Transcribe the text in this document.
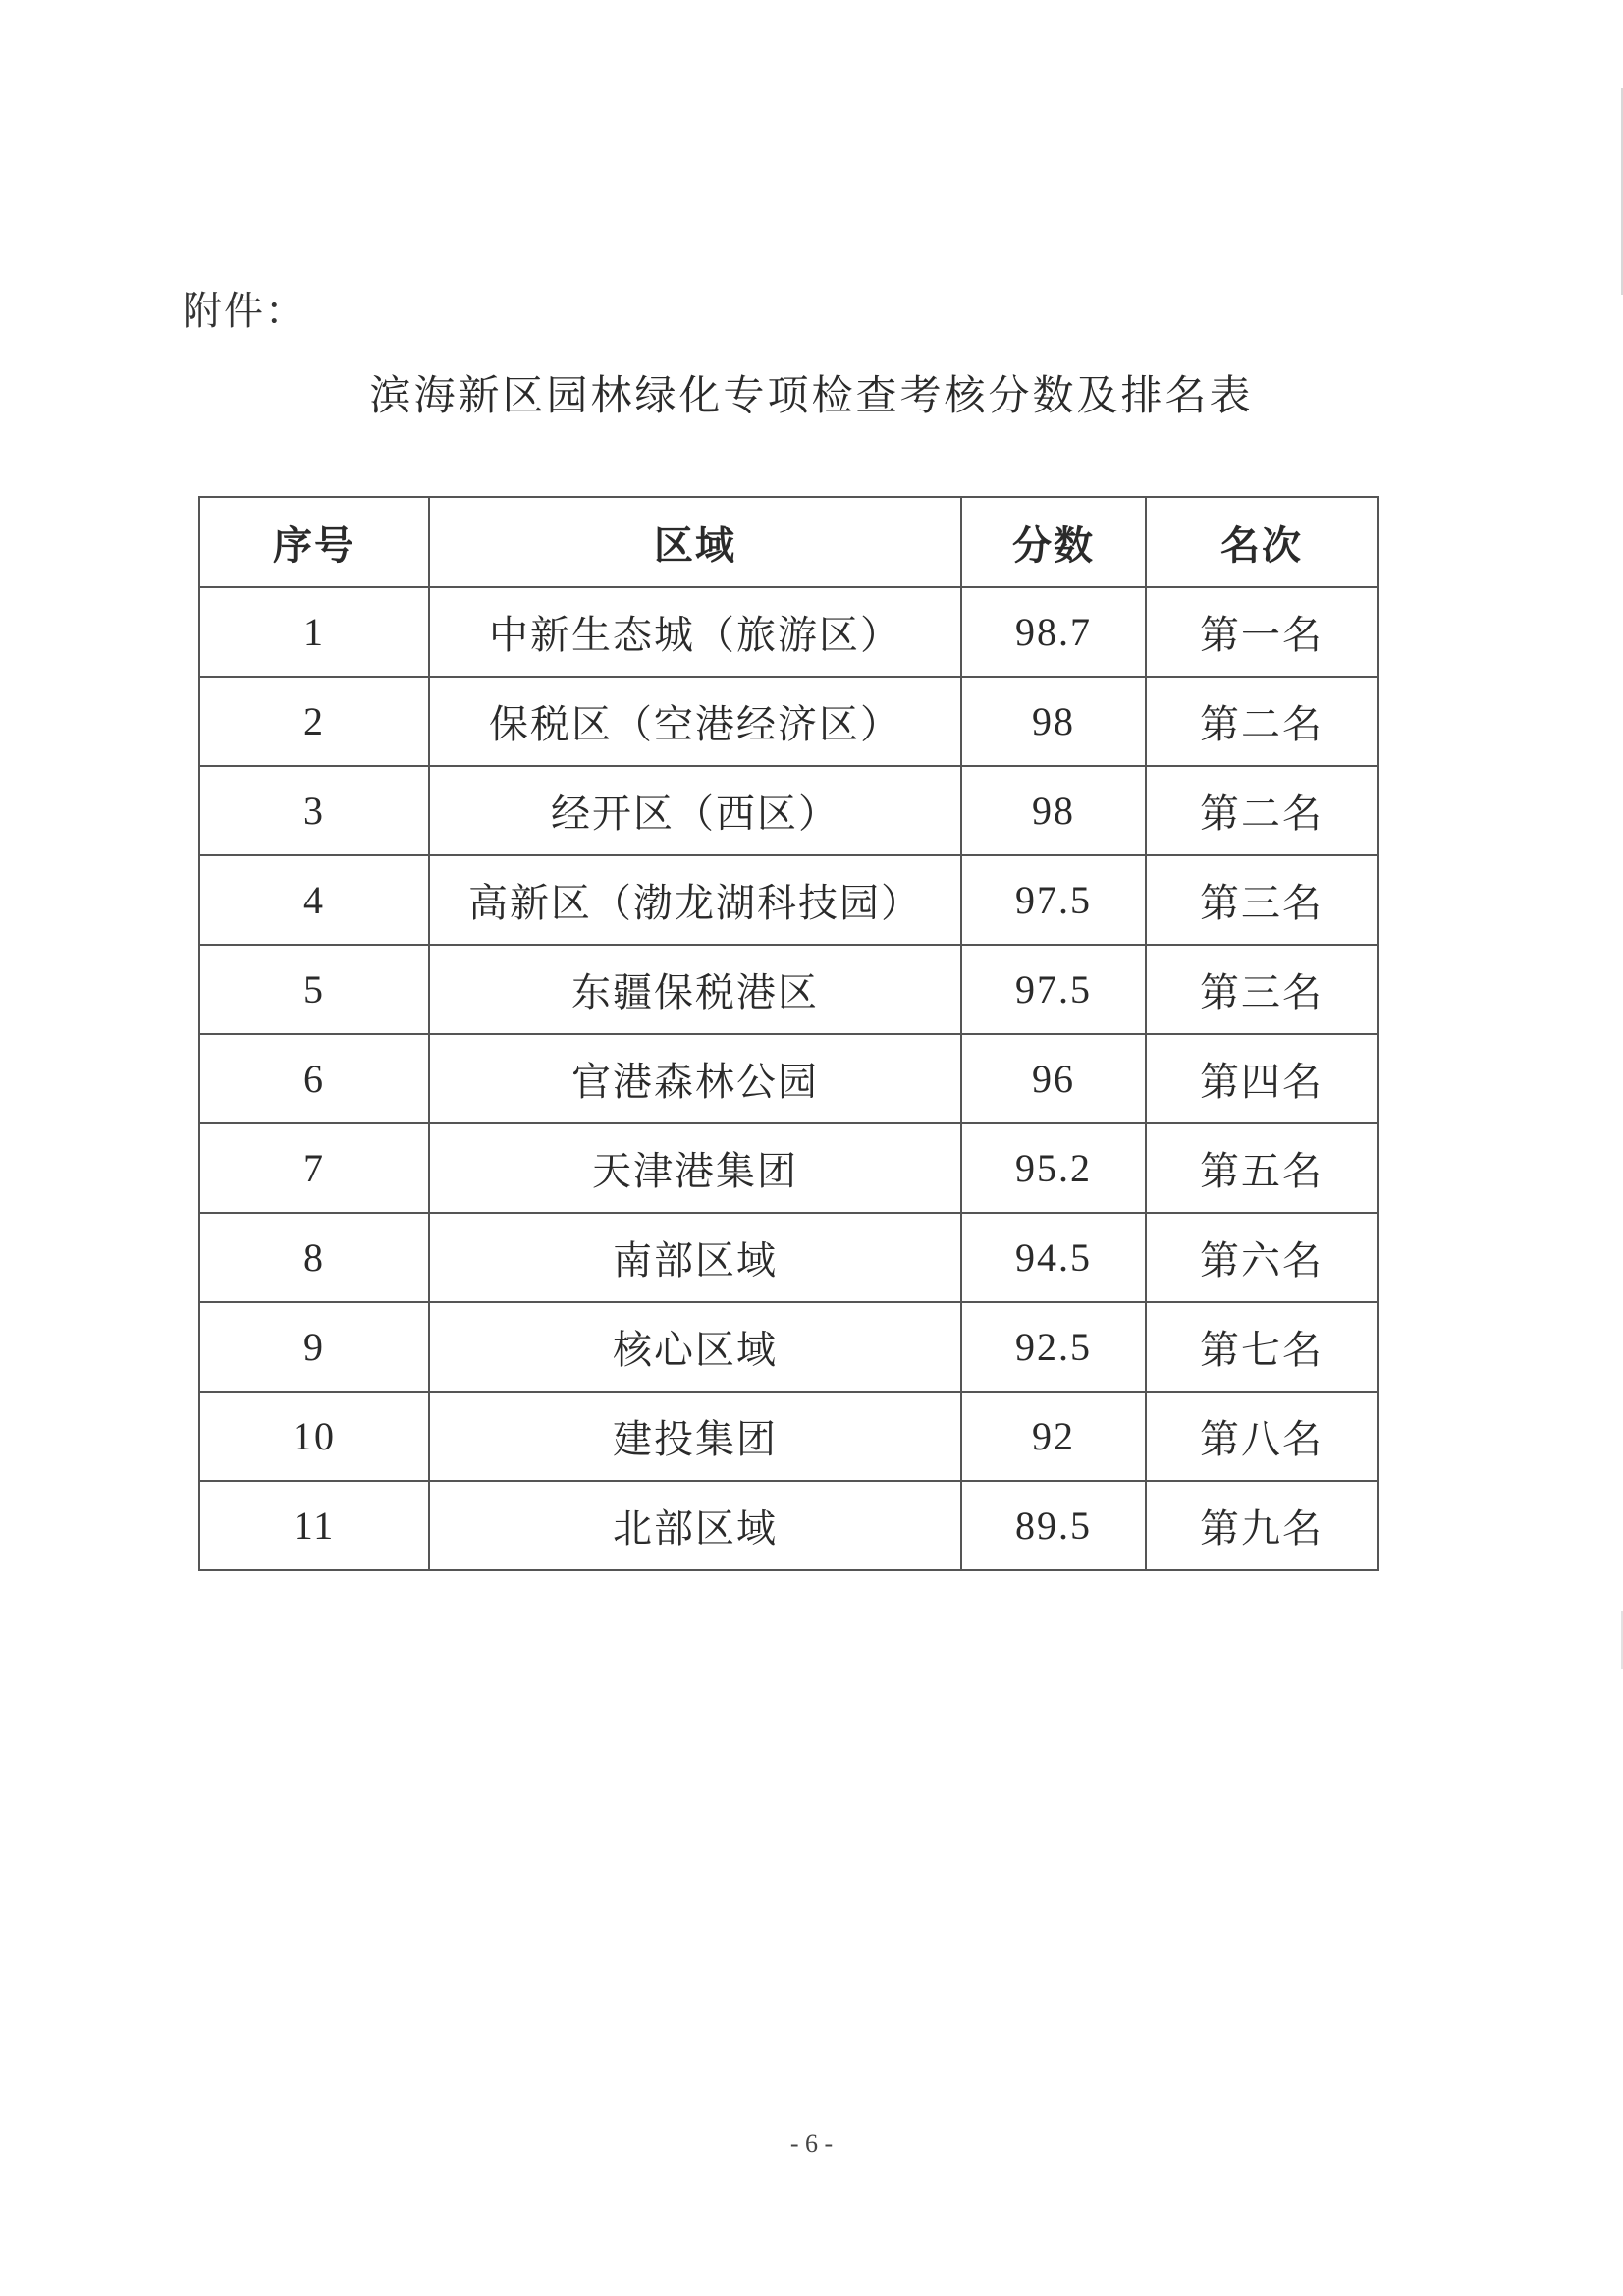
附件：
滨海新区园林绿化专项检查考核分数及排名表
序号	区域	分数	名次
1	中新生态城（旅游区）	98.7	第一名
2	保税区（空港经济区）	98	第二名
3	经开区（西区）	98	第二名
4	高新区（渤龙湖科技园）	97.5	第三名
5	东疆保税港区	97.5	第三名
6	官港森林公园	96	第四名
7	天津港集团	95.2	第五名
8	南部区域	94.5	第六名
9	核心区域	92.5	第七名
10	建投集团	92	第八名
11	北部区域	89.5	第九名
- 6 -
